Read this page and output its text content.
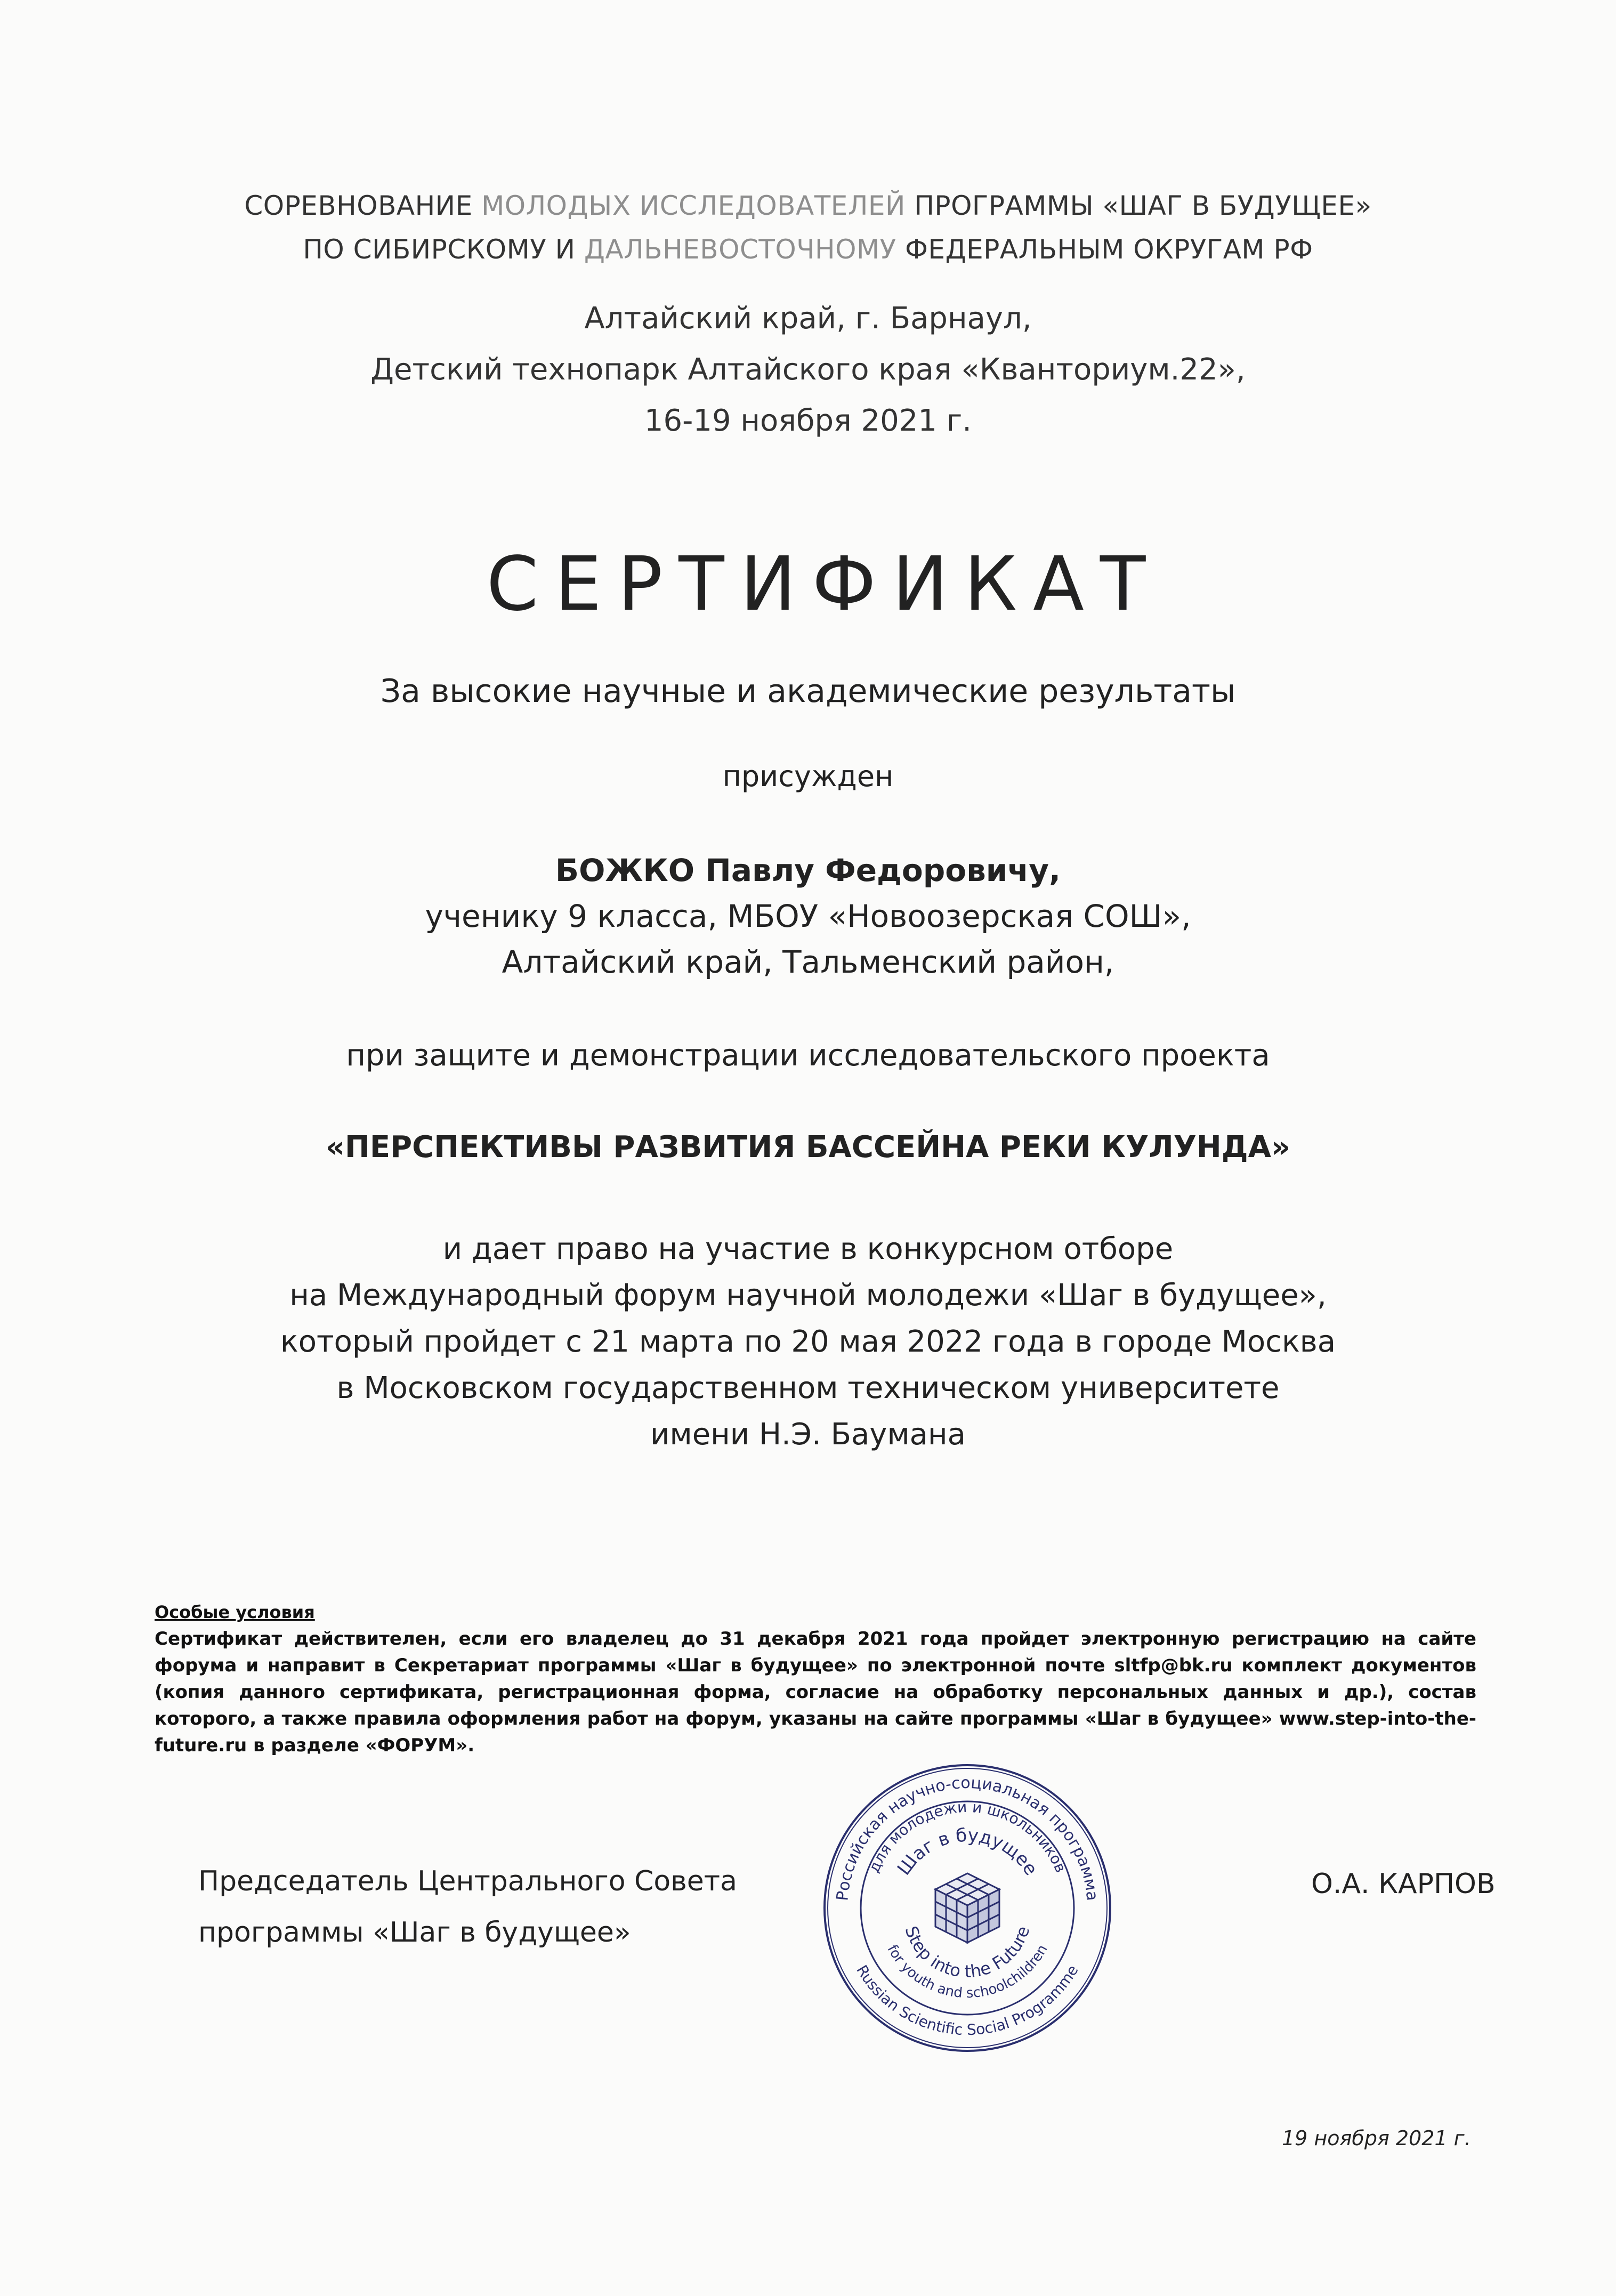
СОРЕВНОВАНИЕ МОЛОДЫХ ИССЛЕДОВАТЕЛЕЙ ПРОГРАММЫ «ШАГ В БУДУЩЕЕ»
ПО СИБИРСКОМУ И ДАЛЬНЕВОСТОЧНОМУ ФЕДЕРАЛЬНЫМ ОКРУГАМ РФ
Алтайский край, г. Барнаул,
Детский технопарк Алтайского края «Кванториум.22»,
16-19 ноября 2021 г.
СЕРТИФИКАТ
За высокие научные и академические результаты
присужден
БОЖКО Павлу Федоровичу,
ученику 9 класса, МБОУ «Новоозерская СОШ»,
Алтайский край, Тальменский район,
при защите и демонстрации исследовательского проекта
«ПЕРСПЕКТИВЫ РАЗВИТИЯ БАССЕЙНА РЕКИ КУЛУНДА»
и дает право на участие в конкурсном отборе
на Международный форум научной молодежи «Шаг в будущее»,
который пройдет с 21 марта по 20 мая 2022 года в городе Москва
в Московском государственном техническом университете
имени Н.Э. Баумана
Особые условия
Сертификат действителен, если его владелец до 31 декабря 2021 года пройдет электронную регистрацию на сайте форума и направит в Секретариат программы «Шаг в будущее» по электронной почте sltfp@bk.ru комплект документов (копия данного сертификата, регистрационная форма, согласие на обработку персональных данных и др.), состав которого, а также правила оформления работ на форум, указаны на сайте программы «Шаг в будущее» www.step-into-the-future.ru в разделе «ФОРУМ».
Председатель Центрального Совета
программы «Шаг в будущее»
Российская научно-социальная программа
для молодежи и школьников
Шаг в будущее
Step into the Future
for youth and schoolchildren
Russian Scientific Social Programme
О.А. КАРПОВ
19 ноября 2021 г.
